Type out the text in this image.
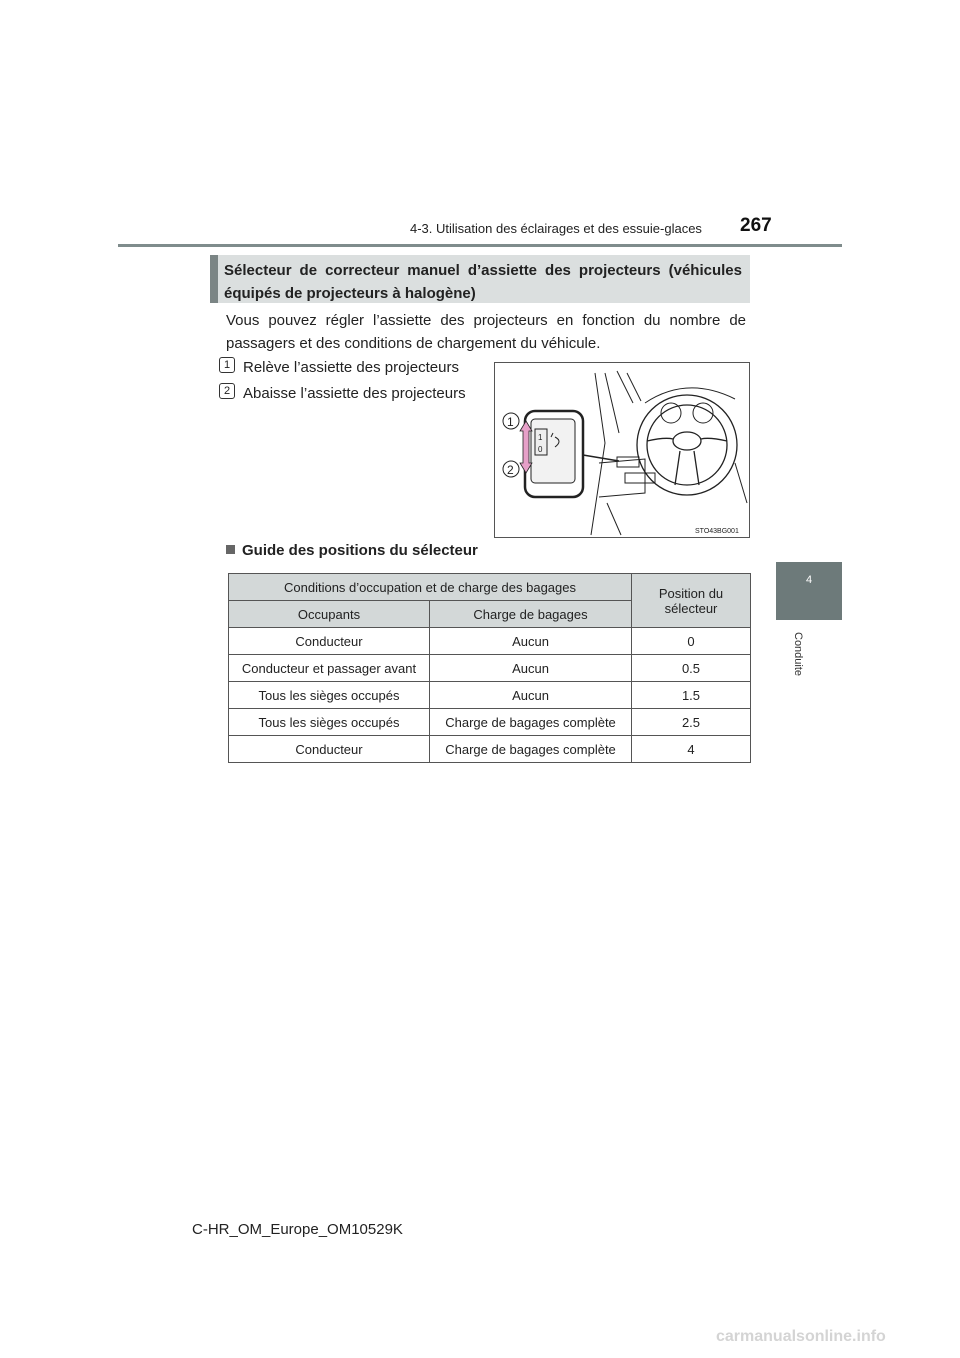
4-3. Utilisation des éclairages et des essuie-glaces 267
4
Conduite
Sélecteur de correcteur manuel d’assiette des projecteurs (véhicules équipés de projecteurs à halogène)
Vous pouvez régler l’assiette des projecteurs en fonction du nombre de passagers et des conditions de chargement du véhicule.
1 Relève l’assiette des projecteurs
2 Abaisse l’assiette des projecteurs
1
0
1
2
STO43BG001
Guide des positions du sélecteur
Conditions d’occupation et de charge des bagages		Position du sélecteur
Occupants	Charge de bagages	
Conducteur	Aucun	0
Conducteur et passager avant	Aucun	0.5
Tous les sièges occupés	Aucun	1.5
Tous les sièges occupés	Charge de bagages complète	2.5
Conducteur	Charge de bagages complète	4
C-HR_OM_Europe_OM10529K
carmanualsonline.info
